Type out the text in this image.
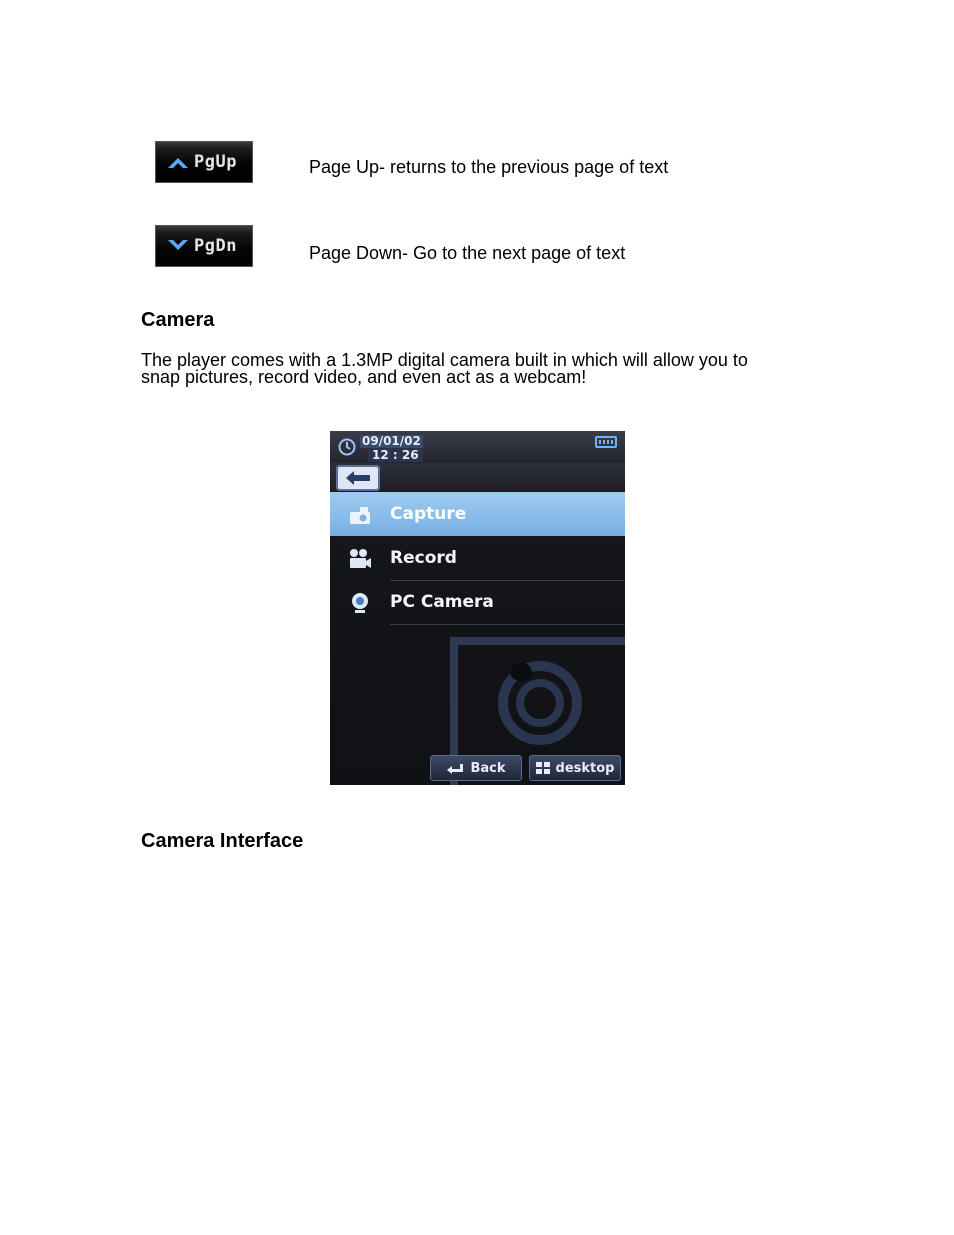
PgUp	Page Up- returns to the previous page of text
PgDn	Page Down- Go to the next page of text
Camera
The player comes with a 1.3MP digital camera built in which will allow you to
snap pictures, record video, and even act as a webcam!
09/01/02
12 : 26
Capture
Record
PC Camera
Back	desktop
Camera Interface
